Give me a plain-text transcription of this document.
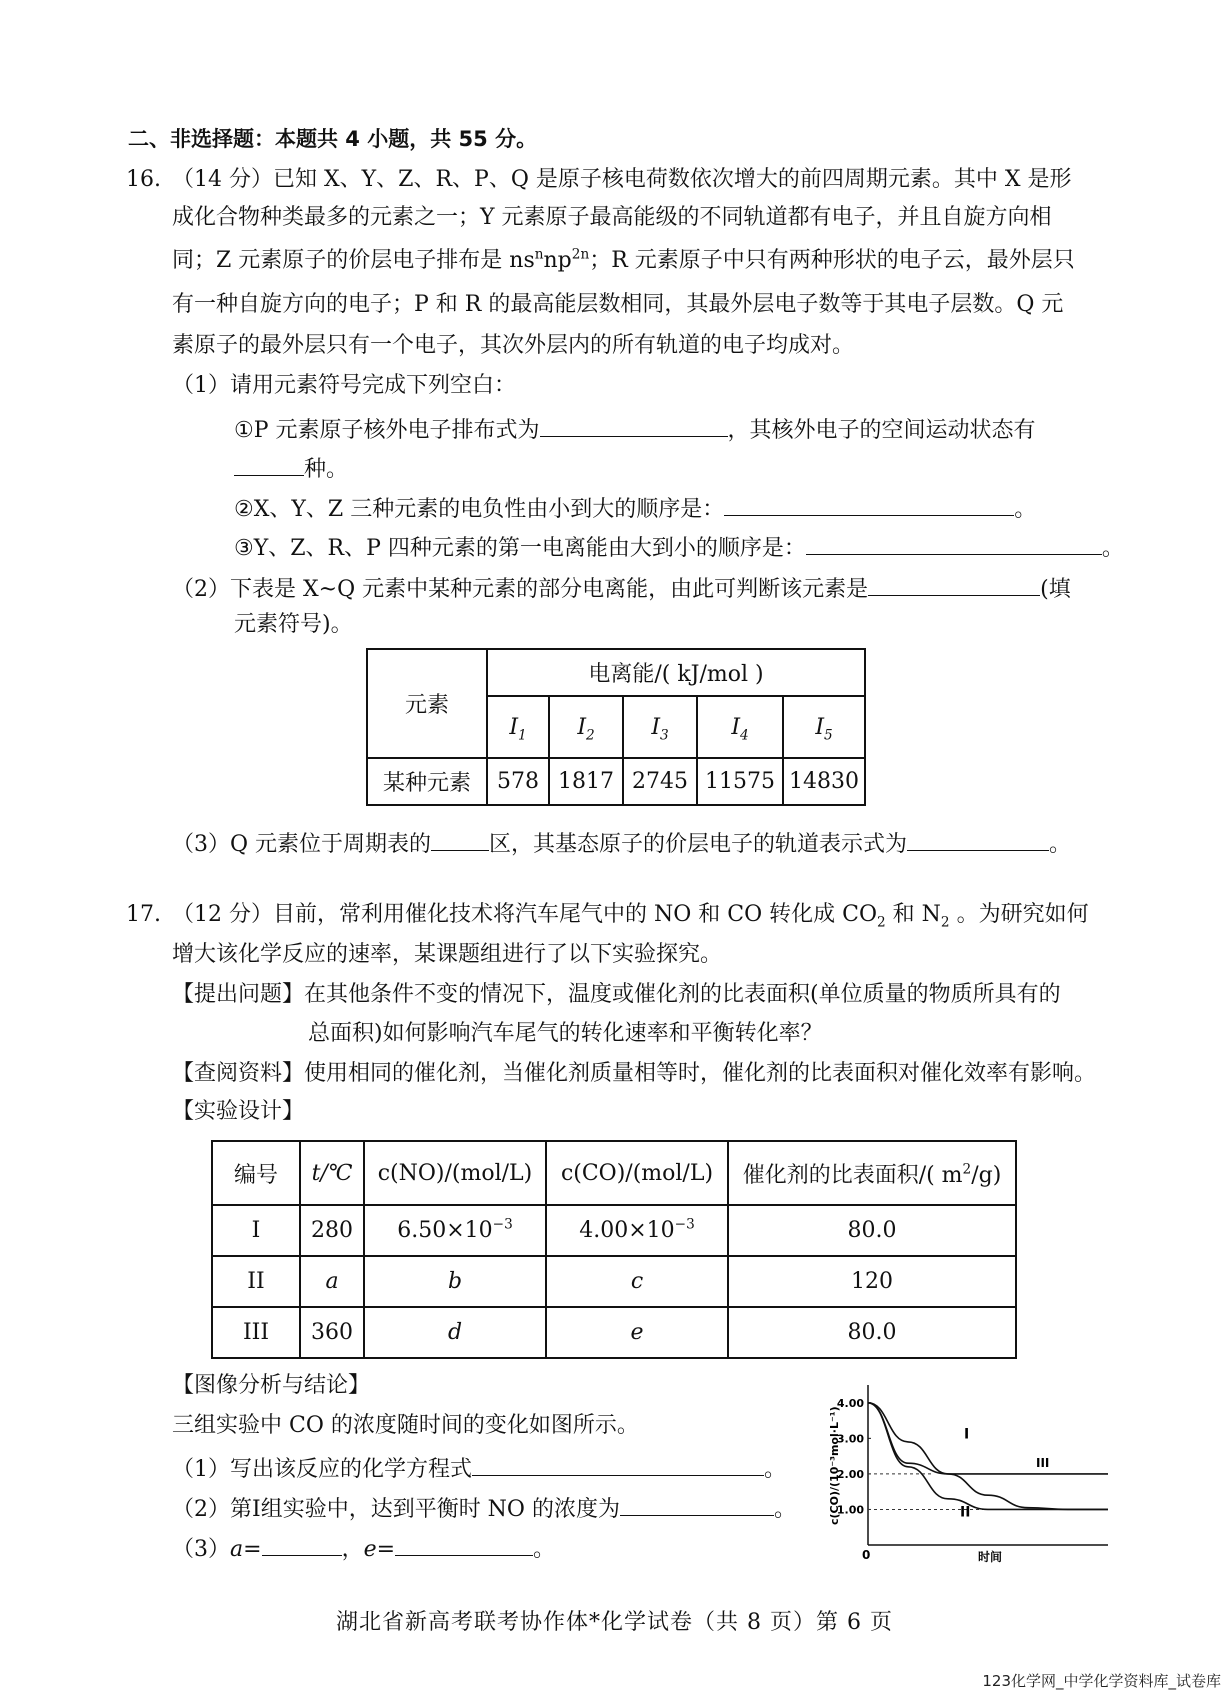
二、非选择题：本题共 4 小题，共 55 分。
16. （14 分）已知 X、Y、Z、R、P、Q 是原子核电荷数依次增大的前四周期元素。其中 X 是形
成化合物种类最多的元素之一；Y 元素原子最高能级的不同轨道都有电子，并且自旋方向相
同；Z 元素原子的价层电子排布是 $ns^nnp^{2n}$；R 元素原子中只有两种形状的电子云，最外层只
有一种自旋方向的电子；P 和 R 的最高能层数相同，其最外层电子数等于其电子层数。Q 元
素原子的最外层只有一个电子，其次外层内的所有轨道的电子均成对。
（1）请用元素符号完成下列空白：
①P 元素原子核外电子排布式为	，其核外电子的空间运动状态有
种。
②X、Y、Z 三种元素的电负性由小到大的顺序是：	。
③Y、Z、R、P 四种元素的第一电离能由大到小的顺序是：	。
（2）下表是 X~Q 元素中某种元素的部分电离能，由此可判断该元素是	(填
元素符号)。
元素	电离能/( kJ/mol )				
	$I_1$	$I_2$	$I_3$	$I_4$	$I_5$
某种元素	578	1817	2745	11575	14830
（3）Q 元素位于周期表的	区，其基态原子的价层电子的轨道表示式为	。
17. （12 分）目前，常利用催化技术将汽车尾气中的 NO 和 CO 转化成 $CO_2$ 和 $N_2$ 。为研究如何
增大该化学反应的速率，某课题组进行了以下实验探究。
【提出问题】在其他条件不变的情况下，温度或催化剂的比表面积(单位质量的物质所具有的
总面积)如何影响汽车尾气的转化速率和平衡转化率？
【查阅资料】使用相同的催化剂，当催化剂质量相等时，催化剂的比表面积对催化效率有影响。
【实验设计】
编号	t/℃	c(NO)/(mol/L)	c(CO)/(mol/L)	催化剂的比表面积/( $m^2/g$)
I	280	$6.50\times 10^{-3}$	$4.00\times 10^{-3}$	80.0
II	a	b	c	120
III	360	d	e	80.0
【图像分析与结论】
三组实验中 CO 的浓度随时间的变化如图所示。
（1）写出该反应的化学方程式	。
（2）第Ⅰ组实验中，达到平衡时 NO 的浓度为	。
（3）a=	，e=	。
4.00
3.00
2.00
1.00
0	时间
c(CO)/(10⁻³mol·L⁻¹)	I
III
II
湖北省新高考联考协作体*化学试卷（共 8 页）第 6 页
123化学网_中学化学资料库_试卷库
